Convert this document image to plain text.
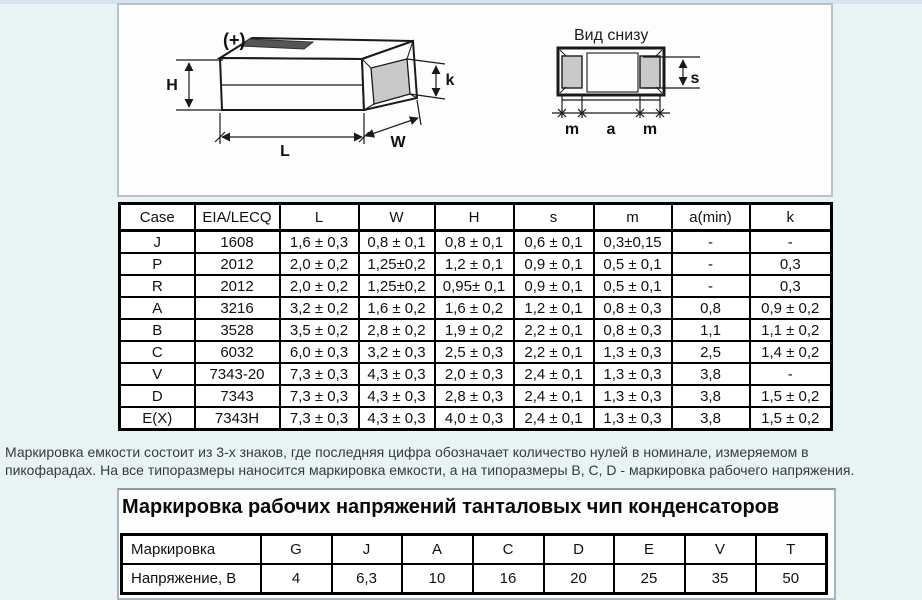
(+)
H	k
L
W
Вид снизу
s
m a m
Case	EIA/LECQ	L	W	H	s	m	a(min)	k
J	1608	1,6 ± 0,3	0,8 ± 0,1	0,8 ± 0,1	0,6 ± 0,1	0,3±0,15	-	-
P	2012	2,0 ± 0,2	1,25±0,2	1,2 ± 0,1	0,9 ± 0,1	0,5 ± 0,1	-	0,3
R	2012	2,0 ± 0,2	1,25±0,2	0,95± 0,1	0,9 ± 0,1	0,5 ± 0,1	-	0,3
A	3216	3,2 ± 0,2	1,6 ± 0,2	1,6 ± 0,2	1,2 ± 0,1	0,8 ± 0,3	0,8	0,9 ± 0,2
B	3528	3,5 ± 0,2	2,8 ± 0,2	1,9 ± 0,2	2,2 ± 0,1	0,8 ± 0,3	1,1	1,1 ± 0,2
C	6032	6,0 ± 0,3	3,2 ± 0,3	2,5 ± 0,3	2,2 ± 0,1	1,3 ± 0,3	2,5	1,4 ± 0,2
V	7343-20	7,3 ± 0,3	4,3 ± 0,3	2,0 ± 0,3	2,4 ± 0,1	1,3 ± 0,3	3,8	-
D	7343	7,3 ± 0,3	4,3 ± 0,3	2,8 ± 0,3	2,4 ± 0,1	1,3 ± 0,3	3,8	1,5 ± 0,2
E(X)	7343H	7,3 ± 0,3	4,3 ± 0,3	4,0 ± 0,3	2,4 ± 0,1	1,3 ± 0,3	3,8	1,5 ± 0,2
Маркировка емкости состоит из 3-х знаков, где последняя цифра обозначает количество нулей в номинале, измеряемом в
пикофарадах. На все типоразмеры наносится маркировка емкости, а на типоразмеры B, C, D - маркировка рабочего напряжения.
Маркировка рабочих напряжений танталовых чип конденсаторов
Маркировка	G	J	A	C	D	E	V	T
Напряжение, В	4	6,3	10	16	20	25	35	50
